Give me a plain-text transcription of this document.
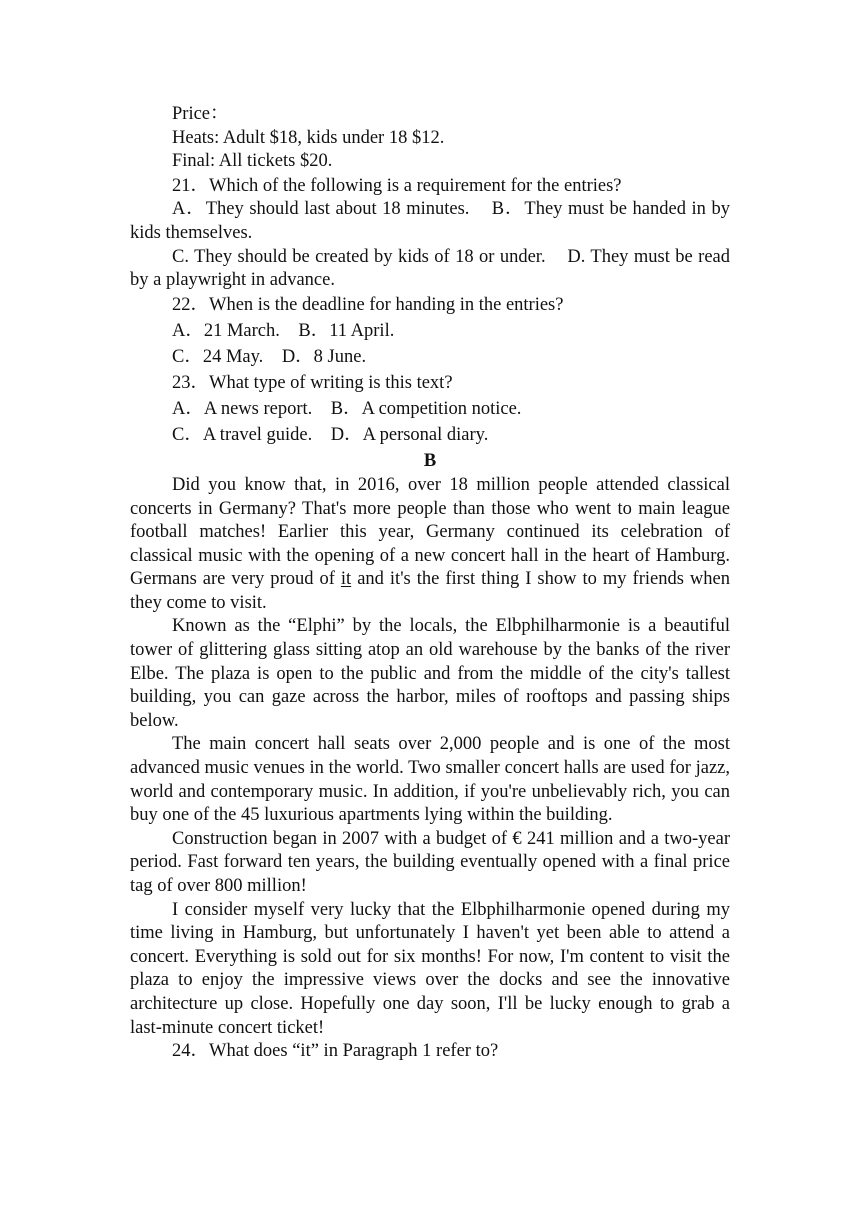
Price：

Heats: Adult $18, kids under 18 $12.

Final: All tickets $20.

21．Which of the following is a requirement for the entries?

A．They should last about 18 minutes. B．They must be handed in by kids themselves.

C. They should be created by kids of 18 or under. D. They must be read by a playwright in advance.

22．When is the deadline for handing in the entries?

A．21 March. B．11 April.

C．24 May. D．8 June.

23．What type of writing is this text?

A．A news report. B．A competition notice.

C．A travel guide. D．A personal diary.

B

Did you know that, in 2016, over 18 million people attended classical concerts in Germany? That's more people than those who went to main league football matches! Earlier this year, Germany continued its celebration of classical music with the opening of a new concert hall in the heart of Hamburg. Germans are very proud of it and it's the first thing I show to my friends when they come to visit.

Known as the “Elphi” by the locals, the Elbphilharmonie is a beautiful tower of glittering glass sitting atop an old warehouse by the banks of the river Elbe. The plaza is open to the public and from the middle of the city's tallest building, you can gaze across the harbor, miles of rooftops and passing ships below.

The main concert hall seats over 2,000 people and is one of the most advanced music venues in the world. Two smaller concert halls are used for jazz, world and contemporary music. In addition, if you're unbelievably rich, you can buy one of the 45 luxurious apartments lying within the building.

Construction began in 2007 with a budget of € 241 million and a two-year period. Fast forward ten years, the building eventually opened with a final price tag of over 800 million!

I consider myself very lucky that the Elbphilharmonie opened during my time living in Hamburg, but unfortunately I haven't yet been able to attend a concert. Everything is sold out for six months! For now, I'm content to visit the plaza to enjoy the impressive views over the docks and see the innovative architecture up close. Hopefully one day soon, I'll be lucky enough to grab a last-minute concert ticket!

24．What does “it” in Paragraph 1 refer to?
